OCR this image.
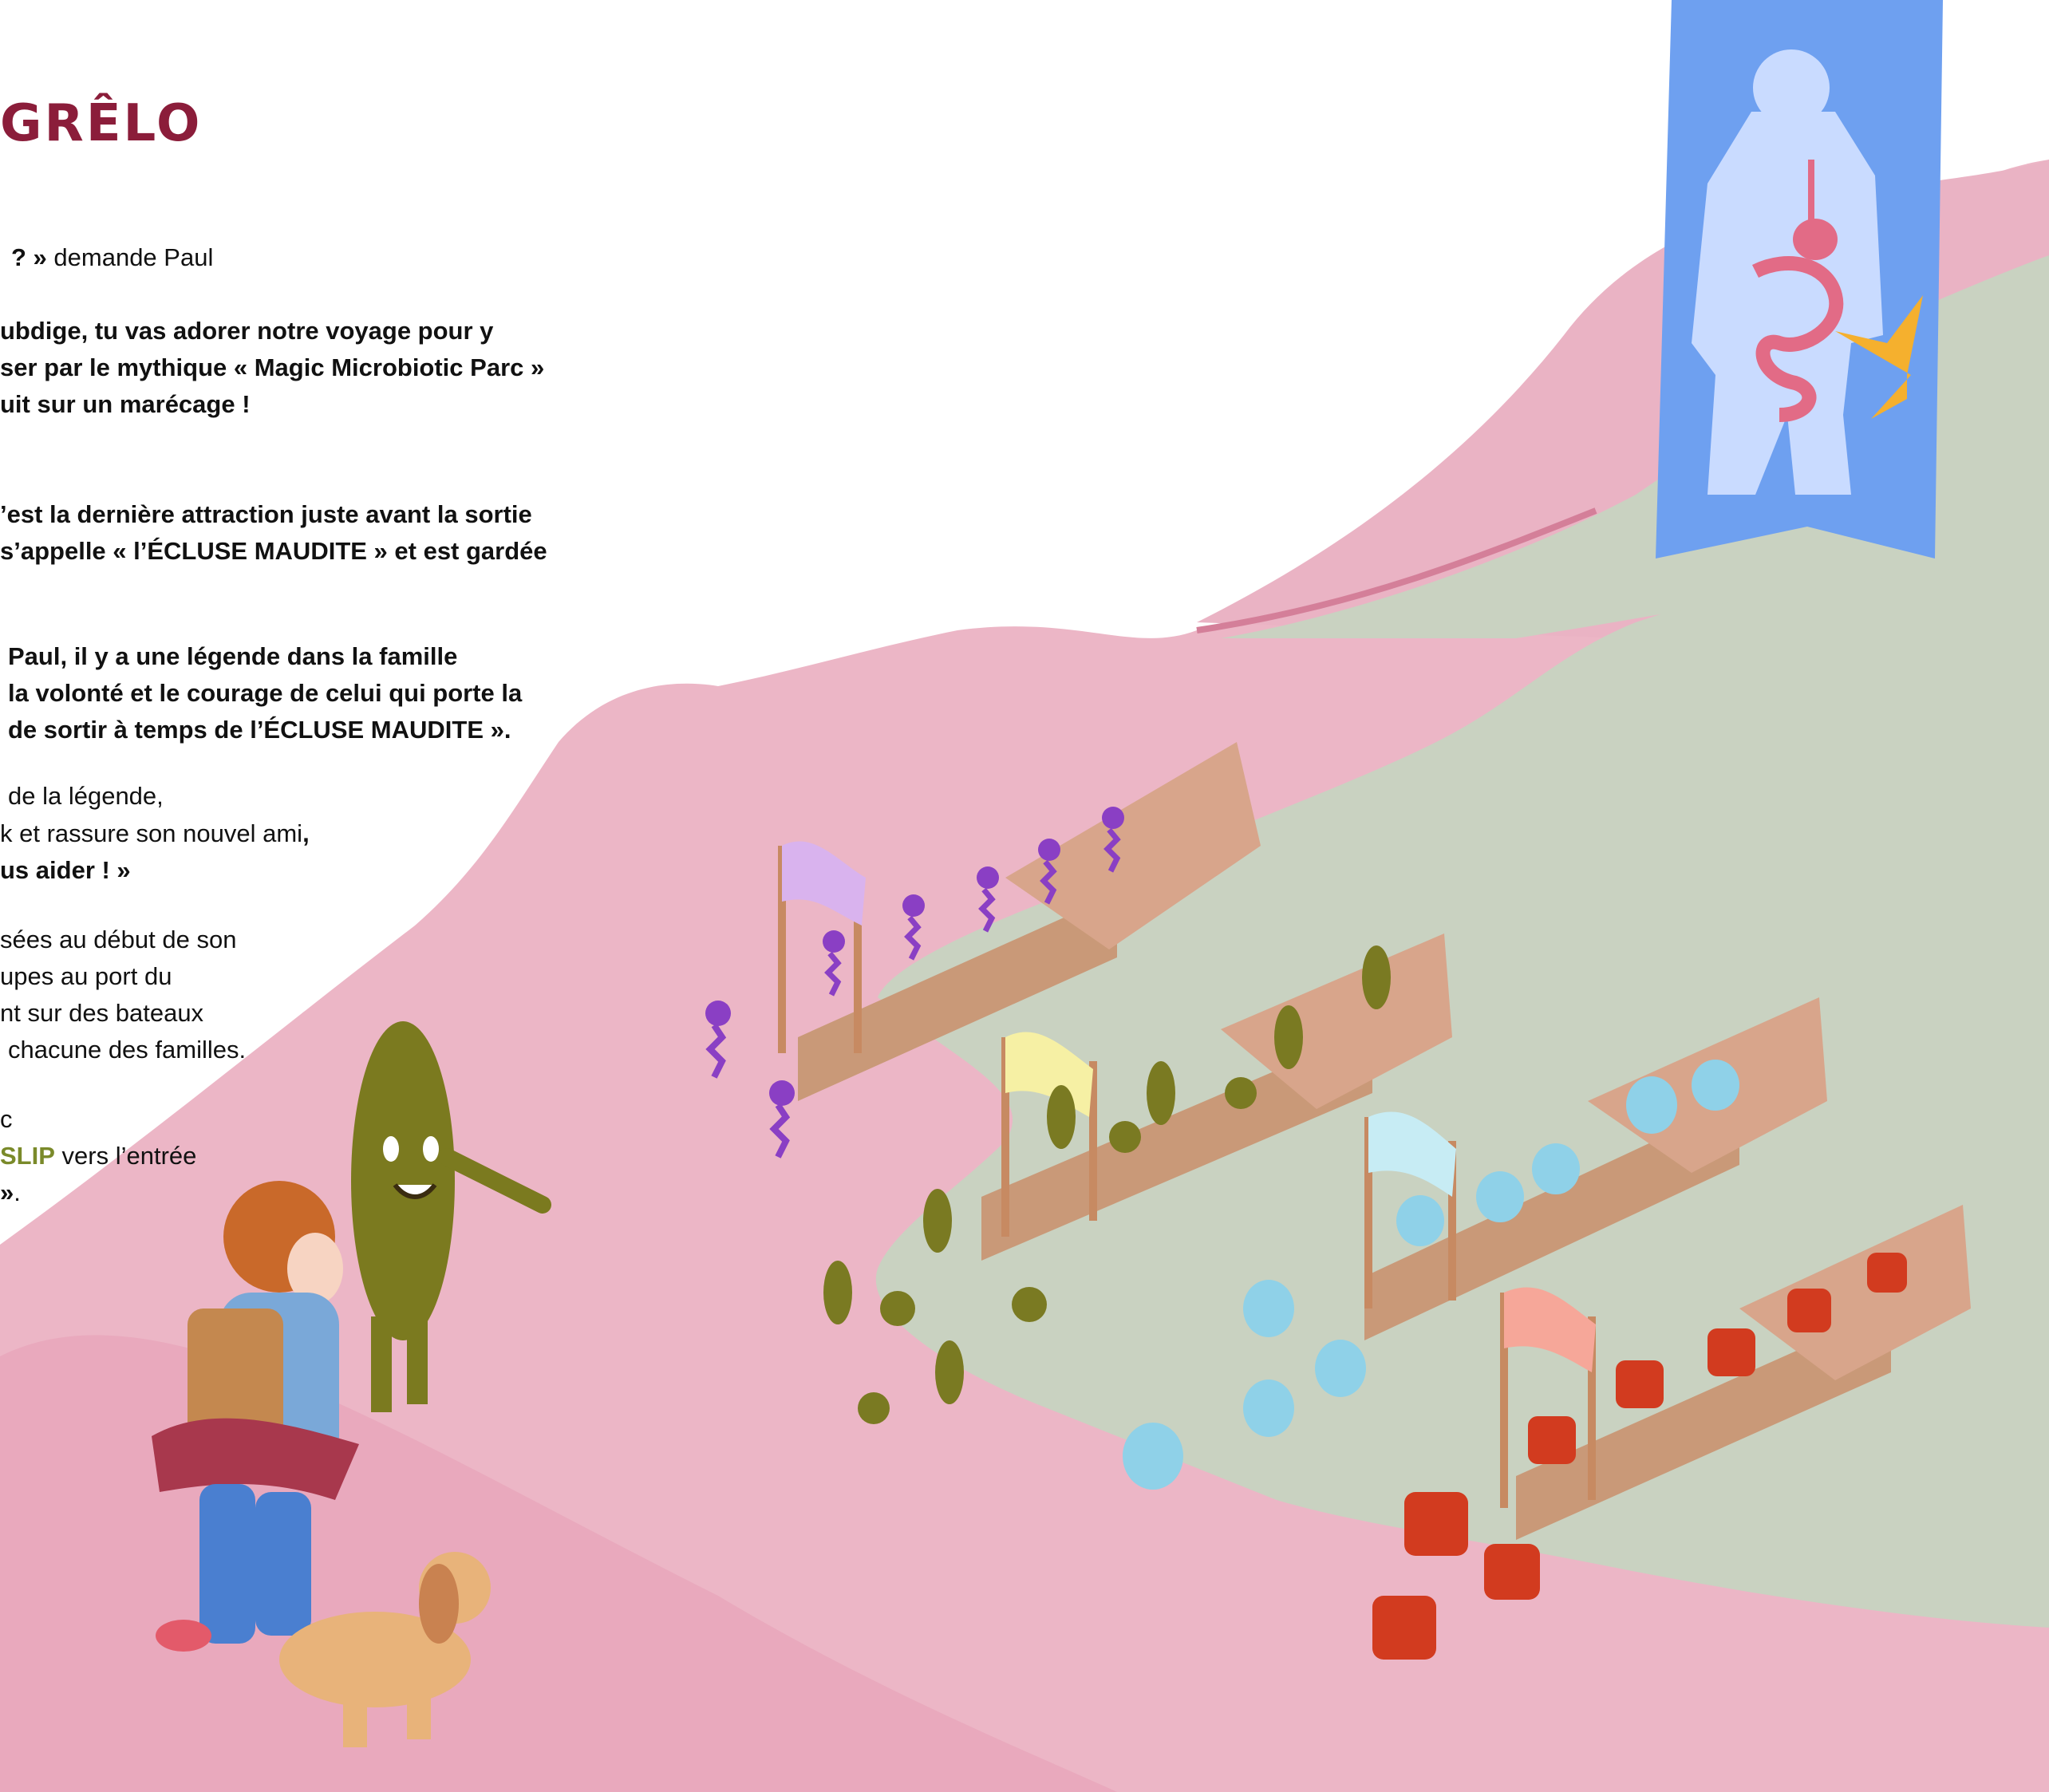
GRÊLO
? » demande Paul
ubdige, tu vas adorer notre voyage pour y
ser par le mythique « Magic Microbiotic Parc »
uit sur un marécage !
’est la dernière attraction juste avant la sortie
s’appelle « l’ÉCLUSE MAUDITE » et est gardée
Paul, il y a une légende dans la famille
la volonté et le courage de celui qui porte la
de sortir à temps de l’ÉCLUSE MAUDITE ».
de la légende,
k et rassure son nouvel ami,
us aider ! »
sées au début de son
upes au port du
nt sur des bateaux
chacune des familles.
c
SLIP vers l’entrée
».
